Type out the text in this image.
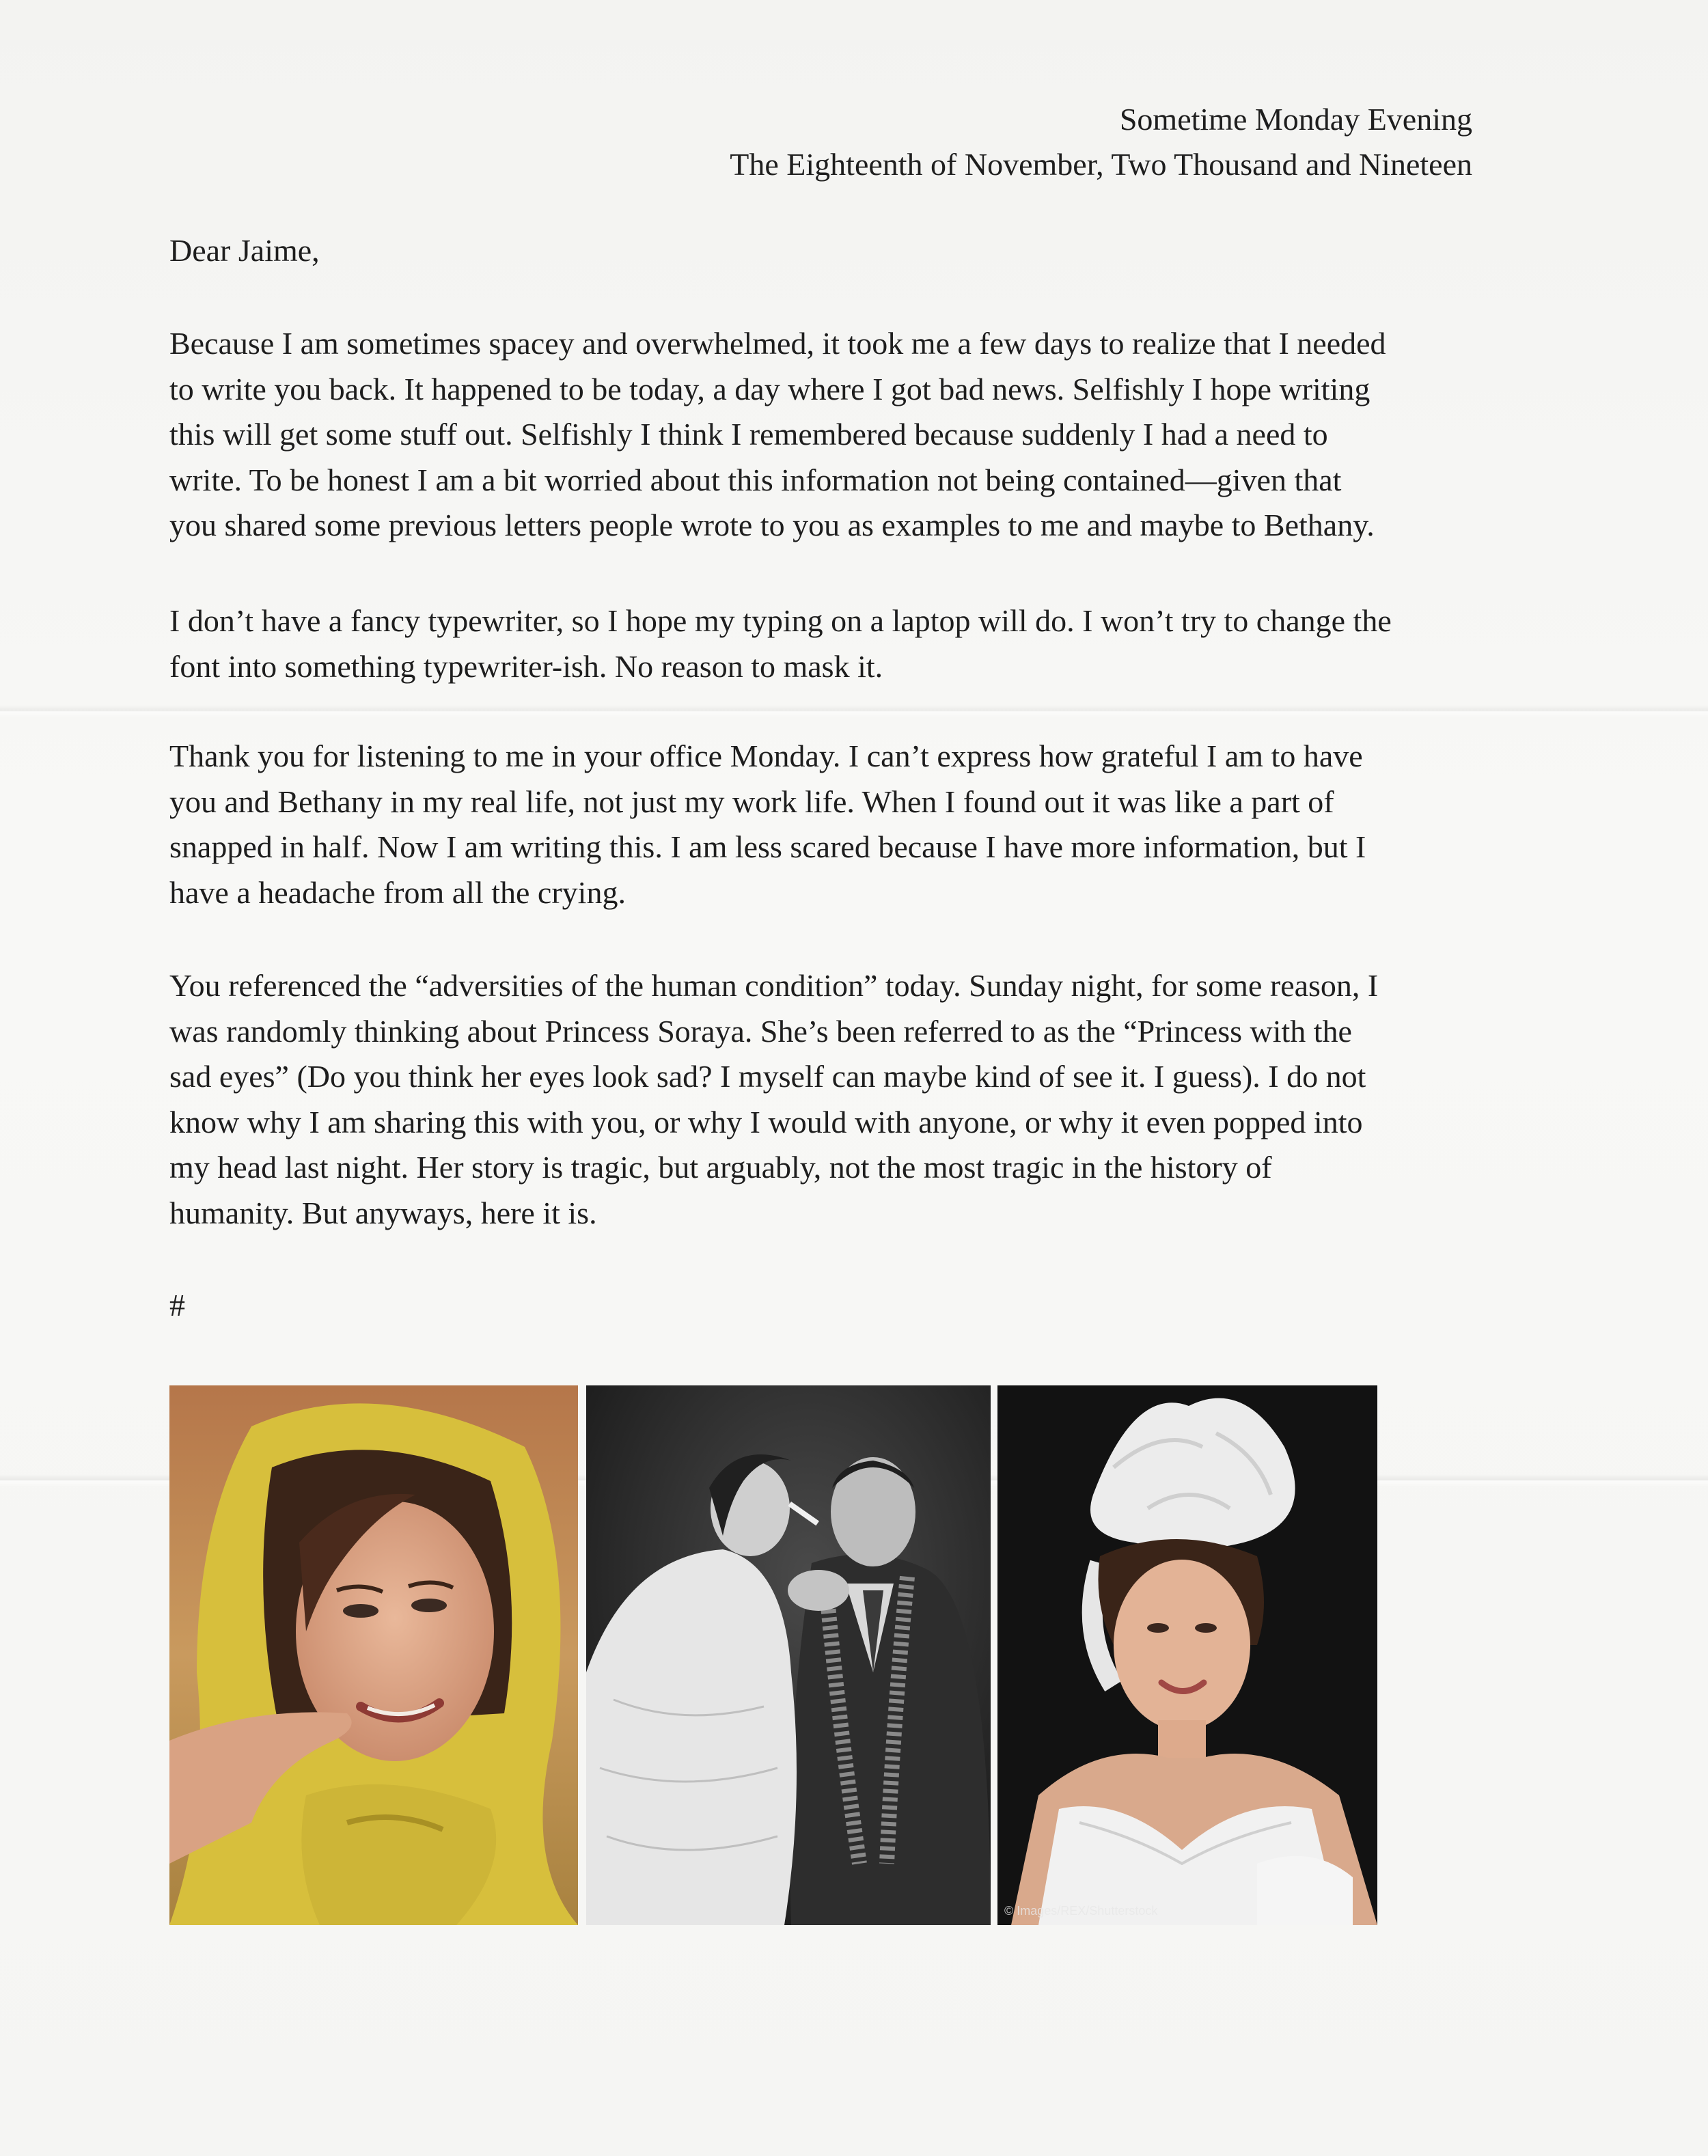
Sometime Monday Evening
The Eighteenth of November, Two Thousand and Nineteen

Dear Jaime,

Because I am sometimes spacey and overwhelmed, it took me a few days to realize that I needed
to write you back. It happened to be today, a day where I got bad news. Selfishly I hope writing
this will get some stuff out. Selfishly I think I remembered because suddenly I had a need to
write. To be honest I am a bit worried about this information not being contained—given that
you shared some previous letters people wrote to you as examples to me and maybe to Bethany.

I don’t have a fancy typewriter, so I hope my typing on a laptop will do. I won’t try to change the
font into something typewriter-ish. No reason to mask it.

Thank you for listening to me in your office Monday. I can’t express how grateful I am to have
you and Bethany in my real life, not just my work life. When I found out it was like a part of
snapped in half. Now I am writing this. I am less scared because I have more information, but I
have a headache from all the crying.

You referenced the “adversities of the human condition” today. Sunday night, for some reason, I
was randomly thinking about Princess Soraya. She’s been referred to as the “Princess with the
sad eyes” (Do you think her eyes look sad? I myself can maybe kind of see it. I guess). I do not
know why I am sharing this with you, or why I would with anyone, or why it even popped into
my head last night. Her story is tragic, but arguably, not the most tragic in the history of
humanity. But anyways, here it is.

#

© Images/REX/Shutterstock
